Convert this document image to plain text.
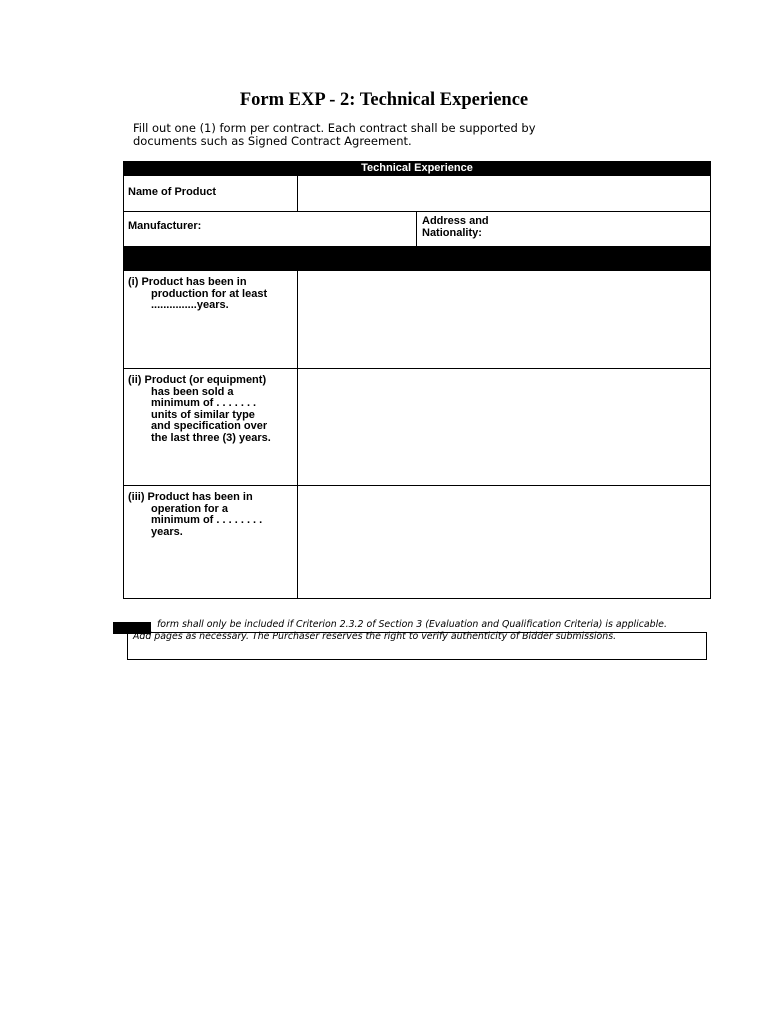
Form EXP - 2: Technical Experience
Fill out one (1) form per contract. Each contract shall be supported by
documents such as Signed Contract Agreement.
Technical Experience
Name of Product
Manufacturer:	Address and
Nationality:
(i) Product has been in
production for at least
...............years.
(ii) Product (or equipment)
has been sold a
minimum of . . . . . . .
units of similar type
and specification over
the last three (3) years.
(iii) Product has been in
operation for a
minimum of . . . . . . . .
years.
form shall only be included if Criterion 2.3.2 of Section 3 (Evaluation and Qualification Criteria) is applicable.
Add pages as necessary. The Purchaser reserves the right to verify authenticity of Bidder submissions.
